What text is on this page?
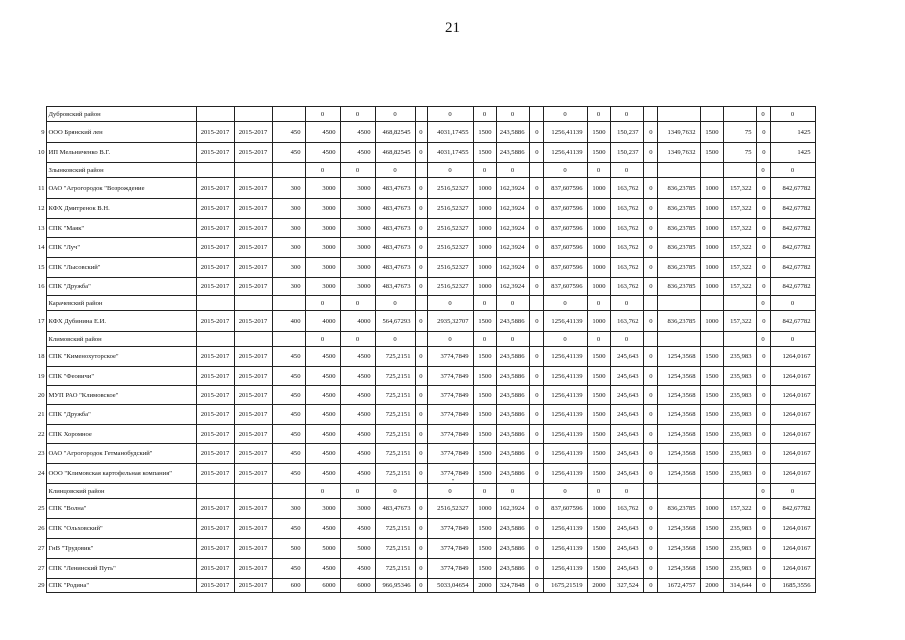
21
	Дубровский район				0	0	0		0	0	0		0	0	0					0	0
9	ООО Брянский лен	2015-2017	2015-2017	450	4500	4500	468,82545	0	4031,17455	1500	243,5886	0	1256,41139	1500	150,237	0	1349,7632	1500	75	0	1425
10	ИП Мельниченко В.Г.	2015-2017	2015-2017	450	4500	4500	468,82545	0	4031,17455	1500	243,5886	0	1256,41139	1500	150,237	0	1349,7632	1500	75	0	1425
	Злынковский район				0	0	0		0	0	0		0	0	0					0	0
11	ОАО "Агрогородок "Возрождение	2015-2017	2015-2017	300	3000	3000	483,47673	0	2516,52327	1000	162,3924	0	837,607596	1000	163,762	0	836,23785	1000	157,322	0	842,67782
12	КФХ Дмитренок В.Н.	2015-2017	2015-2017	300	3000	3000	483,47673	0	2516,52327	1000	162,3924	0	837,607596	1000	163,762	0	836,23785	1000	157,322	0	842,67782
13	СПК "Маяк"	2015-2017	2015-2017	300	3000	3000	483,47673	0	2516,52327	1000	162,3924	0	837,607596	1000	163,762	0	836,23785	1000	157,322	0	842,67782
14	СПК "Луч"	2015-2017	2015-2017	300	3000	3000	483,47673	0	2516,52327	1000	162,3924	0	837,607596	1000	163,762	0	836,23785	1000	157,322	0	842,67782
15	СПК "Лысовский"	2015-2017	2015-2017	300	3000	3000	483,47673	0	2516,52327	1000	162,3924	0	837,607596	1000	163,762	0	836,23785	1000	157,322	0	842,67782
16	СПК "Дружба"	2015-2017	2015-2017	300	3000	3000	483,47673	0	2516,52327	1000	162,3924	0	837,607596	1000	163,762	0	836,23785	1000	157,322	0	842,67782
	Карачевский район				0	0	0		0	0	0		0	0	0					0	0
17	КФХ Дубинина Е.И.	2015-2017	2015-2017	400	4000	4000	564,67293	0	2935,32707	1500	243,5886	0	1256,41139	1000	163,762	0	836,23785	1000	157,322	0	842,67782
	Климовский район				0	0	0		0	0	0		0	0	0					0	0
18	СПК "Кименохуторское"	2015-2017	2015-2017	450	4500	4500	725,2151	0	3774,7849	1500	243,5886	0	1256,41139	1500	245,643	0	1254,3568	1500	235,983	0	1264,0167
19	СПК "Феовичи"	2015-2017	2015-2017	450	4500	4500	725,2151	0	3774,7849	1500	243,5886	0	1256,41139	1500	245,643	0	1254,3568	1500	235,983	0	1264,0167
20	МУП РАО "Климовское"	2015-2017	2015-2017	450	4500	4500	725,2151	0	3774,7849	1500	243,5886	0	1256,41139	1500	245,643	0	1254,3568	1500	235,983	0	1264,0167
21	СПК "Дружба"	2015-2017	2015-2017	450	4500	4500	725,2151	0	3774,7849	1500	243,5886	0	1256,41139	1500	245,643	0	1254,3568	1500	235,983	0	1264,0167
22	СПК Хоромное	2015-2017	2015-2017	450	4500	4500	725,2151	0	3774,7849	1500	243,5886	0	1256,41139	1500	245,643	0	1254,3568	1500	235,983	0	1264,0167
23	ОАО "Агрогородок Гетманобудский"	2015-2017	2015-2017	450	4500	4500	725,2151	0	3774,7849	1500	243,5886	0	1256,41139	1500	245,643	0	1254,3568	1500	235,983	0	1264,0167
24	ООО "Климовская картофельная компания"	2015-2017	2015-2017	450	4500	4500	725,2151	0	3774,7849	1500	243,5886	0	1256,41139	1500	245,643	0	1254,3568	1500	235,983	0	1264,0167
	Клинцовский район				0	0	0		0	0	0		0	0	0					0	0
25	СПК "Волна"	2015-2017	2015-2017	300	3000	3000	483,47673	0	2516,52327	1000	162,3924	0	837,607596	1000	163,762	0	836,23785	1000	157,322	0	842,67782
26	СПК "Ольховский"	2015-2017	2015-2017	450	4500	4500	725,2151	0	3774,7849	1500	243,5886	0	1256,41139	1500	245,643	0	1254,3568	1500	235,983	0	1264,0167
27	ГнВ "Трудовик"	2015-2017	2015-2017	500	5000	5000	725,2151	0	3774,7849	1500	243,5886	0	1256,41139	1500	245,643	0	1254,3568	1500	235,983	0	1264,0167
27	СПК "Ленинский Путь"	2015-2017	2015-2017	450	4500	4500	725,2151	0	3774,7849	1500	243,5886	0	1256,41139	1500	245,643	0	1254,3568	1500	235,983	0	1264,0167
29	СПК "Родина"	2015-2017	2015-2017	600	6000	6000	966,95346	0	5033,04654	2000	324,7848	0	1675,21519	2000	327,524	0	1672,4757	2000	314,644	0	1685,3556
"
